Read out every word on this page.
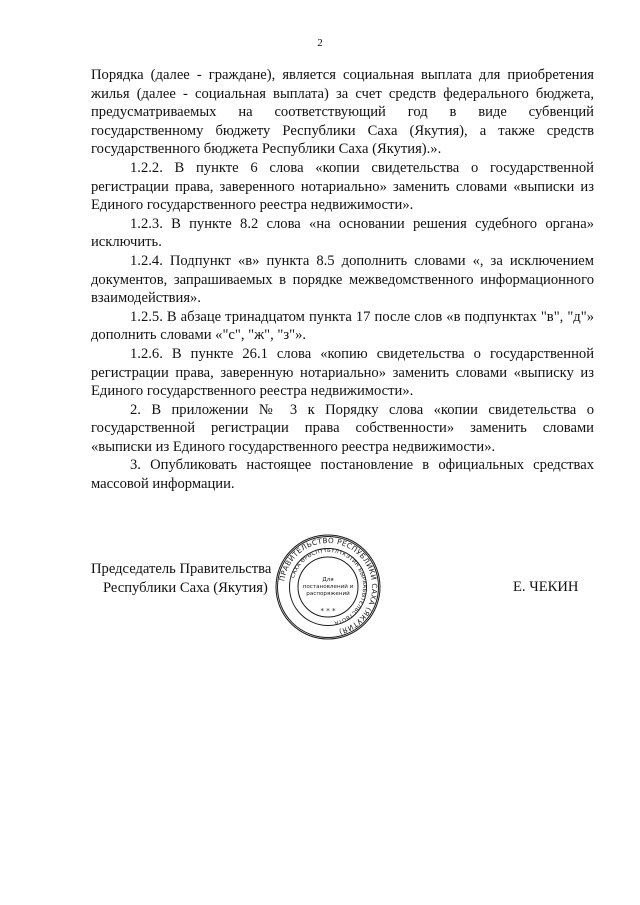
2

Порядка (далее - граждане), является социальная выплата для приобретения жилья (далее - социальная выплата) за счет средств федерального бюджета, предусматриваемых на соответствующий год в виде субвенций государственному бюджету Республики Саха (Якутия), а также средств государственного бюджета Республики Саха (Якутия).».

1.2.2. В пункте 6 слова «копии свидетельства о государственной регистрации права, заверенного нотариально» заменить словами «выписки из Единого государственного реестра недвижимости».

1.2.3. В пункте 8.2 слова «на основании решения судебного органа» исключить.

1.2.4. Подпункт «в» пункта 8.5 дополнить словами «, за исключением документов, запрашиваемых в порядке межведомственного информационного взаимодействия».

1.2.5. В абзаце тринадцатом пункта 17 после слов «в подпунктах "в", "д"» дополнить словами «"с", "ж", "з"».

1.2.6. В пункте 26.1 слова «копию свидетельства о государственной регистрации права, заверенную нотариально» заменить словами «выписку из Единого государственного реестра недвижимости».

2. В приложении № 3 к Порядку слова «копии свидетельства о государственной регистрации права собственности» заменить словами «выписки из Единого государственного реестра недвижимости».

3. Опубликовать настоящее постановление в официальных средствах массовой информации.

Председатель Правительства
Республики Саха (Якутия)	Е. ЧЕКИН
ПРАВИТЕЛЬСТВО РЕСПУБЛИКИ САХА (ЯКУТИЯ)
САХА ӨРӨСПҮҮБҮЛҮКЭТИН БЫРААБЫТЕЛЬСТВОТА
Для
постановлений и
распоряжений
* * *
